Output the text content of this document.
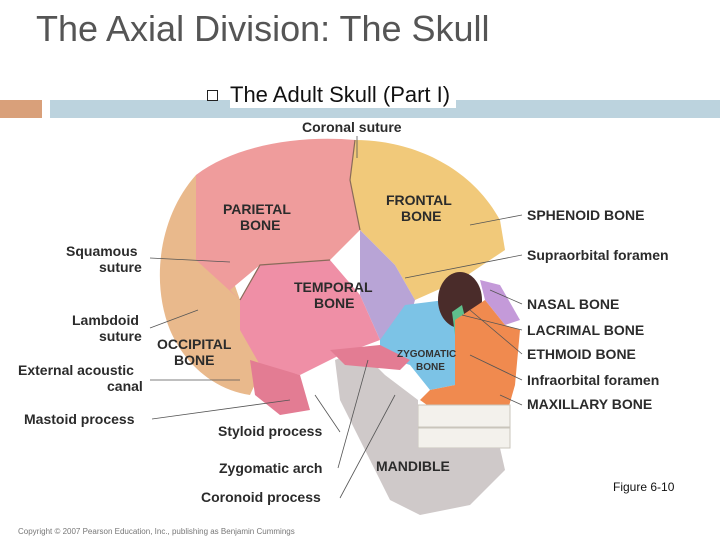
The Axial Division: The Skull
The Adult Skull (Part I)
Coronal suture
PARIETAL
BONE
FRONTAL
BONE
Squamous
suture
TEMPORAL
BONE
Lambdoid
suture OCCIPITAL
BONE
External acoustic
canal
Mastoid process
Styloid process
Zygomatic arch
Coronoid process
MANDIBLE
ZYGOMATIC
BONE
SPHENOID BONE
Supraorbital foramen
NASAL BONE
LACRIMAL BONE
ETHMOID BONE
Infraorbital foramen
MAXILLARY BONE
Figure 6-10
Copyright © 2007 Pearson Education, Inc., publishing as Benjamin Cummings
